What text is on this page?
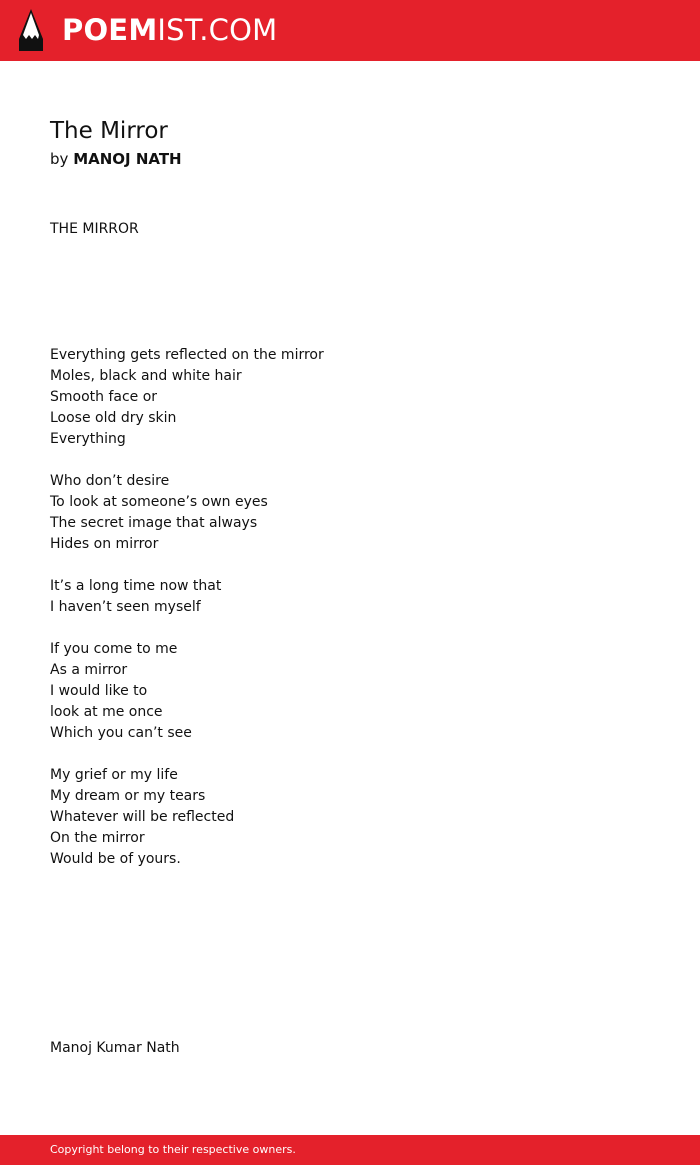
POEMIST.COM
The Mirror
by MANOJ NATH
THE MIRROR
Everything gets reflected on the mirror
Moles, black and white hair
Smooth face or
Loose old dry skin
Everything
Who don’t desire
To look at someone’s own eyes
The secret image that always
Hides on mirror
It’s a long time now that
I haven’t seen myself
If you come to me
As a mirror
I would like to
look at me once
Which you can’t see
My grief or my life
My dream or my tears
Whatever will be reflected
On the mirror
Would be of yours.
Manoj Kumar Nath
Copyright belong to their respective owners.
